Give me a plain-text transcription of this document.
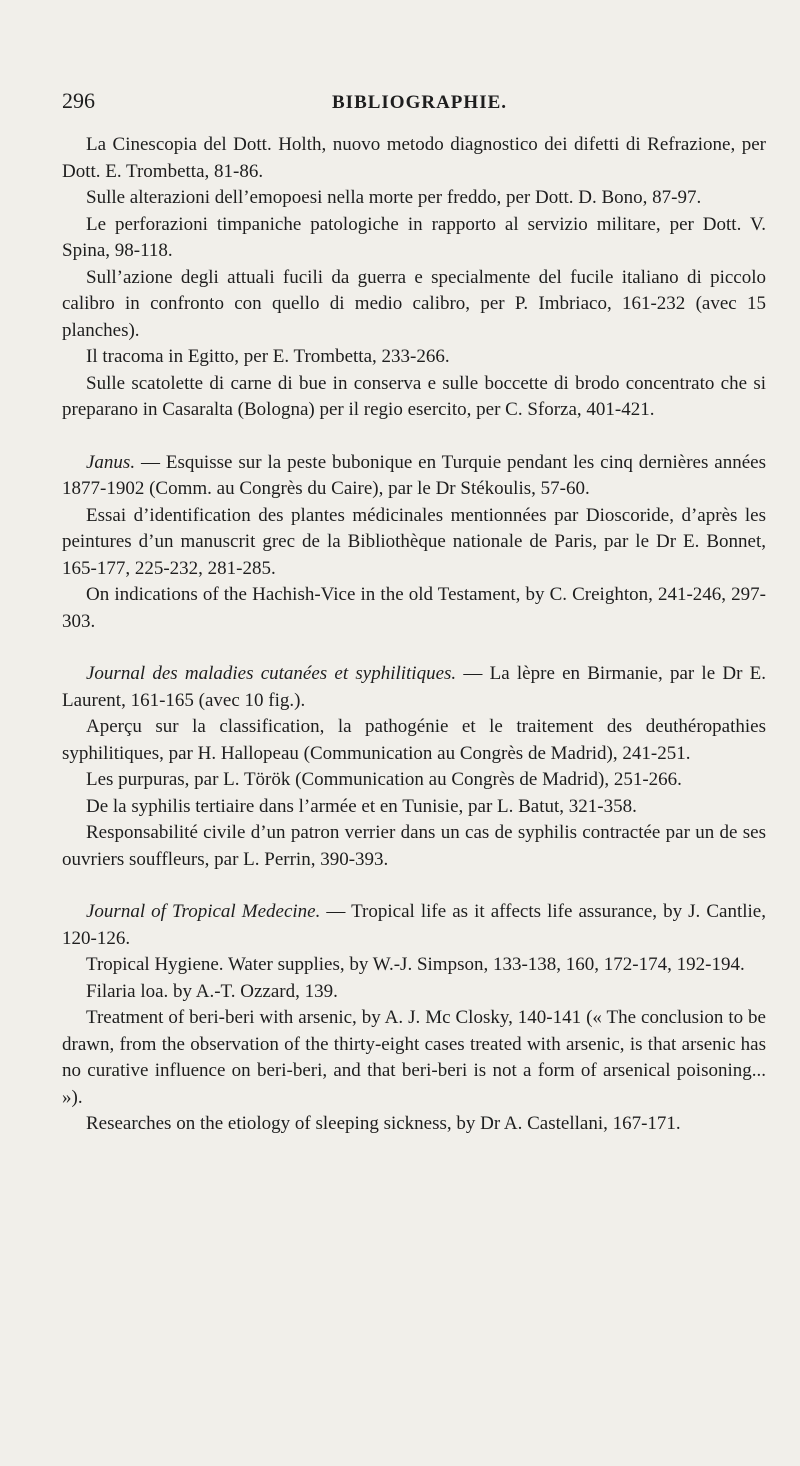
296	BIBLIOGRAPHIE.

La Cinescopia del Dott. Holth, nuovo metodo diagnostico dei difetti di Refrazione, per Dott. E. Trombetta, 81-86.

Sulle alterazioni dell’emopoesi nella morte per freddo, per Dott. D. Bono, 87-97.

Le perforazioni timpaniche patologiche in rapporto al servizio militare, per Dott. V. Spina, 98-118.

Sull’azione degli attuali fucili da guerra e specialmente del fucile italiano di piccolo calibro in confronto con quello di medio calibro, per P. Imbriaco, 161-232 (avec 15 planches).

Il tracoma in Egitto, per E. Trombetta, 233-266.

Sulle scatolette di carne di bue in conserva e sulle boccette di brodo concentrato che si preparano in Casaralta (Bologna) per il regio esercito, per C. Sforza, 401-421.

Janus. — Esquisse sur la peste bubonique en Turquie pendant les cinq dernières années 1877-1902 (Comm. au Congrès du Caire), par le Dr Stékoulis, 57-60.

Essai d’identification des plantes médicinales mentionnées par Dioscoride, d’après les peintures d’un manuscrit grec de la Bibliothèque nationale de Paris, par le Dr E. Bonnet, 165-177, 225-232, 281-285.

On indications of the Hachish-Vice in the old Testament, by C. Creighton, 241-246, 297-303.

Journal des maladies cutanées et syphilitiques. — La lèpre en Birmanie, par le Dr E. Laurent, 161-165 (avec 10 fig.).

Aperçu sur la classification, la pathogénie et le traitement des deuthéropathies syphilitiques, par H. Hallopeau (Communication au Congrès de Madrid), 241-251.

Les purpuras, par L. Török (Communication au Congrès de Madrid), 251-266.

De la syphilis tertiaire dans l’armée et en Tunisie, par L. Batut, 321-358.

Responsabilité civile d’un patron verrier dans un cas de syphilis contractée par un de ses ouvriers souffleurs, par L. Perrin, 390-393.

Journal of Tropical Medecine. — Tropical life as it affects life assurance, by J. Cantlie, 120-126.

Tropical Hygiene. Water supplies, by W.-J. Simpson, 133-138, 160, 172-174, 192-194.

Filaria loa. by A.-T. Ozzard, 139.

Treatment of beri-beri with arsenic, by A. J. Mc Closky, 140-141 (« The conclusion to be drawn, from the observation of the thirty-eight cases treated with arsenic, is that arsenic has no curative influence on beri-beri, and that beri-beri is not a form of arsenical poisoning... »).

Researches on the etiology of sleeping sickness, by Dr A. Castellani, 167-171.
